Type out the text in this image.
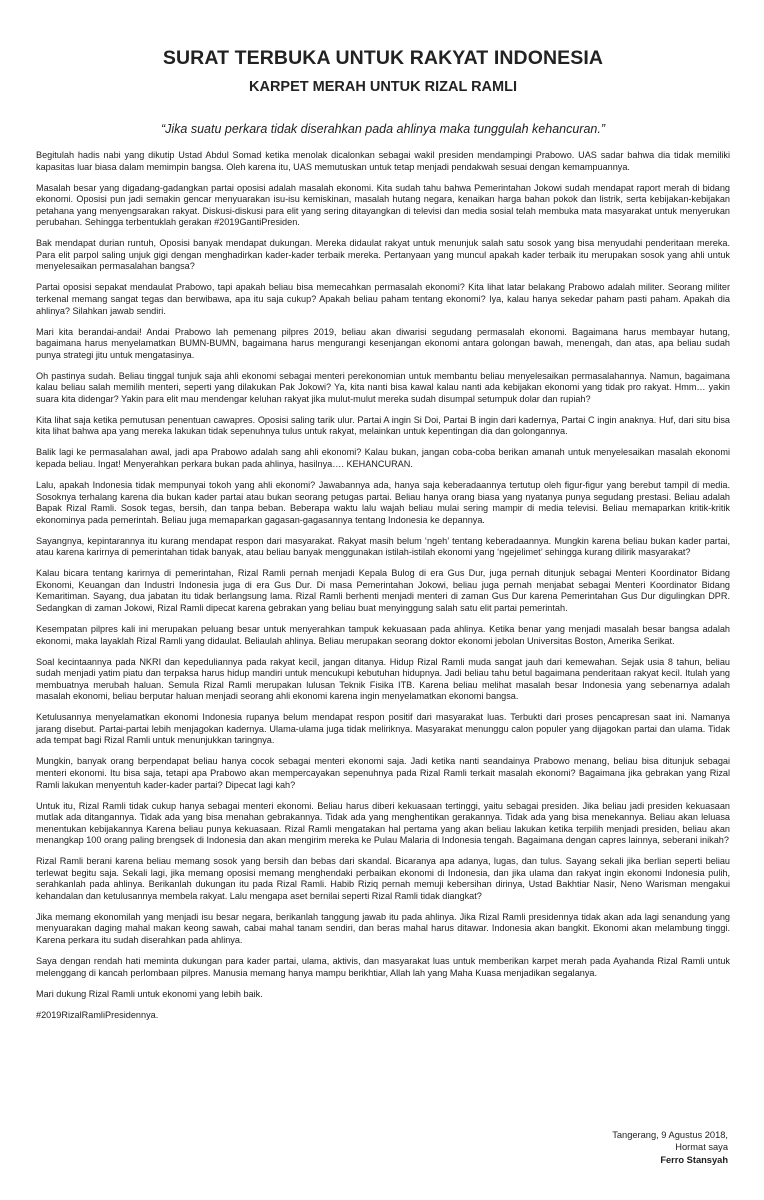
SURAT TERBUKA UNTUK RAKYAT INDONESIA
KARPET MERAH UNTUK RIZAL RAMLI

“Jika suatu perkara tidak diserahkan pada ahlinya maka tunggulah kehancuran.”

Begitulah hadis nabi yang dikutip Ustad Abdul Somad ketika menolak dicalonkan sebagai wakil presiden mendampingi Prabowo. UAS sadar bahwa dia tidak memiliki kapasitas luar biasa dalam memimpin bangsa. Oleh karena itu, UAS memutuskan untuk tetap menjadi pendakwah sesuai dengan kemampuannya.

Masalah besar yang digadang-gadangkan partai oposisi adalah masalah ekonomi. Kita sudah tahu bahwa Pemerintahan Jokowi sudah mendapat raport merah di bidang ekonomi. Oposisi pun jadi semakin gencar menyuarakan isu-isu kemiskinan, masalah hutang negara, kenaikan harga bahan pokok dan listrik, serta kebijakan-kebijakan petahana yang menyengsarakan rakyat. Diskusi-diskusi para elit yang sering ditayangkan di televisi dan media sosial telah membuka mata masyarakat untuk menyerukan perubahan. Sehingga terbentuklah gerakan #2019GantiPresiden.

Bak mendapat durian runtuh, Oposisi banyak mendapat dukungan. Mereka didaulat rakyat untuk menunjuk salah satu sosok yang bisa menyudahi penderitaan mereka. Para elit parpol saling unjuk gigi dengan menghadirkan kader-kader terbaik mereka. Pertanyaan yang muncul apakah kader terbaik itu merupakan sosok yang ahli untuk menyelesaikan permasalahan bangsa?

Partai oposisi sepakat mendaulat Prabowo, tapi apakah beliau bisa memecahkan permasalah ekonomi? Kita lihat latar belakang Prabowo adalah militer. Seorang militer terkenal memang sangat tegas dan berwibawa, apa itu saja cukup? Apakah beliau paham tentang ekonomi? Iya, kalau hanya sekedar paham pasti paham. Apakah dia ahlinya? Silahkan jawab sendiri.

Mari kita berandai-andai! Andai Prabowo lah pemenang pilpres 2019, beliau akan diwarisi segudang permasalah ekonomi. Bagaimana harus membayar hutang, bagaimana harus menyelamatkan BUMN-BUMN, bagaimana harus mengurangi kesenjangan ekonomi antara golongan bawah, menengah, dan atas, apa beliau sudah punya strategi jitu untuk mengatasinya.

Oh pastinya sudah. Beliau tinggal tunjuk saja ahli ekonomi sebagai menteri perekonomian untuk membantu beliau menyelesaikan permasalahannya. Namun, bagaimana kalau beliau salah memilih menteri, seperti yang dilakukan Pak Jokowi? Ya, kita nanti bisa kawal kalau nanti ada kebijakan ekonomi yang tidak pro rakyat. Hmm… yakin suara kita didengar? Yakin para elit mau mendengar keluhan rakyat jika mulut-mulut mereka sudah disumpal setumpuk dolar dan rupiah?

Kita lihat saja ketika pemutusan penentuan cawapres. Oposisi saling tarik ulur. Partai A ingin Si Doi, Partai B ingin dari kadernya, Partai C ingin anaknya. Huf, dari situ bisa kita lihat bahwa apa yang mereka lakukan tidak sepenuhnya tulus untuk rakyat, melainkan untuk kepentingan dia dan golongannya.

Balik lagi ke permasalahan awal, jadi apa Prabowo adalah sang ahli ekonomi? Kalau bukan, jangan coba-coba berikan amanah untuk menyelesaikan masalah ekonomi kepada beliau. Ingat! Menyerahkan perkara bukan pada ahlinya, hasilnya…. KEHANCURAN.

Lalu, apakah Indonesia tidak mempunyai tokoh yang ahli ekonomi? Jawabannya ada, hanya saja keberadaannya tertutup oleh figur-figur yang berebut tampil di media. Sosoknya terhalang karena dia bukan kader partai atau bukan seorang petugas partai. Beliau hanya orang biasa yang nyatanya punya segudang prestasi. Beliau adalah Bapak Rizal Ramli. Sosok tegas, bersih, dan tanpa beban. Beberapa waktu lalu wajah beliau mulai sering mampir di media televisi. Beliau memaparkan kritik-kritik ekonominya pada pemerintah. Beliau juga memaparkan gagasan-gagasannya tentang Indonesia ke depannya.

Sayangnya, kepintarannya itu kurang mendapat respon dari masyarakat. Rakyat masih belum ‘ngeh’ tentang keberadaannya. Mungkin karena beliau bukan kader partai, atau karena karirnya di pemerintahan tidak banyak, atau beliau banyak menggunakan istilah-istilah ekonomi yang ‘ngejelimet’ sehingga kurang dilirik masyarakat?

Kalau bicara tentang karirnya di pemerintahan, Rizal Ramli pernah menjadi Kepala Bulog di era Gus Dur, juga pernah ditunjuk sebagai Menteri Koordinator Bidang Ekonomi, Keuangan dan Industri Indonesia juga di era Gus Dur. Di masa Pemerintahan Jokowi, beliau juga pernah menjabat sebagai Menteri Koordinator Bidang Kemaritiman. Sayang, dua jabatan itu tidak berlangsung lama. Rizal Ramli berhenti menjadi menteri di zaman Gus Dur karena Pemerintahan Gus Dur digulingkan DPR. Sedangkan di zaman Jokowi, Rizal Ramli dipecat karena gebrakan yang beliau buat menyinggung salah satu elit partai pemerintah.

Kesempatan pilpres kali ini merupakan peluang besar untuk menyerahkan tampuk kekuasaan pada ahlinya. Ketika benar yang menjadi masalah besar bangsa adalah ekonomi, maka layaklah Rizal Ramli yang didaulat. Beliaulah ahlinya. Beliau merupakan seorang doktor ekonomi jebolan Universitas Boston, Amerika Serikat.

Soal kecintaannya pada NKRI dan kepeduliannya pada rakyat kecil, jangan ditanya. Hidup Rizal Ramli muda sangat jauh dari kemewahan. Sejak usia 8 tahun, beliau sudah menjadi yatim piatu dan terpaksa harus hidup mandiri untuk mencukupi kebutuhan hidupnya. Jadi beliau tahu betul bagaimana penderitaan rakyat kecil. Itulah yang membuatnya merubah haluan. Semula Rizal Ramli merupakan lulusan Teknik Fisika ITB. Karena beliau melihat masalah besar Indonesia yang sebenarnya adalah masalah ekonomi, beliau berputar haluan menjadi seorang ahli ekonomi karena ingin menyelamatkan ekonomi bangsa.

Ketulusannya menyelamatkan ekonomi Indonesia rupanya belum mendapat respon positif dari masyarakat luas. Terbukti dari proses pencapresan saat ini. Namanya jarang disebut. Partai-partai lebih menjagokan kadernya. Ulama-ulama juga tidak meliriknya. Masyarakat menunggu calon populer yang dijagokan partai dan ulama. Tidak ada tempat bagi Rizal Ramli untuk menunjukkan taringnya.

Mungkin, banyak orang berpendapat beliau hanya cocok sebagai menteri ekonomi saja. Jadi ketika nanti seandainya Prabowo menang, beliau bisa ditunjuk sebagai menteri ekonomi. Itu bisa saja, tetapi apa Prabowo akan mempercayakan sepenuhnya pada Rizal Ramli terkait masalah ekonomi? Bagaimana jika gebrakan yang Rizal Ramli lakukan menyentuh kader-kader partai? Dipecat lagi kah?

Untuk itu, Rizal Ramli tidak cukup hanya sebagai menteri ekonomi. Beliau harus diberi kekuasaan tertinggi, yaitu sebagai presiden. Jika beliau jadi presiden kekuasaan mutlak ada ditangannya. Tidak ada yang bisa menahan gebrakannya. Tidak ada yang menghentikan gerakannya. Tidak ada yang bisa menekannya. Beliau akan leluasa menentukan kebijakannya Karena beliau punya kekuasaan. Rizal Ramli mengatakan hal pertama yang akan beliau lakukan ketika terpilih menjadi presiden, beliau akan menangkap 100 orang paling brengsek di Indonesia dan akan mengirim mereka ke Pulau Malaria di Indonesia tengah. Bagaimana dengan capres lainnya, seberani inikah?

Rizal Ramli berani karena beliau memang sosok yang bersih dan bebas dari skandal. Bicaranya apa adanya, lugas, dan tulus. Sayang sekali jika berlian seperti beliau terlewat begitu saja. Sekali lagi, jika memang oposisi memang menghendaki perbaikan ekonomi di Indonesia, dan jika ulama dan rakyat ingin ekonomi Indonesia pulih, serahkanlah pada ahlinya. Berikanlah dukungan itu pada Rizal Ramli. Habib Riziq pernah memuji kebersihan dirinya, Ustad Bakhtiar Nasir, Neno Warisman mengakui kehandalan dan ketulusannya membela rakyat. Lalu mengapa aset bernilai seperti Rizal Ramli tidak diangkat?

Jika memang ekonomilah yang menjadi isu besar negara, berikanlah tanggung jawab itu pada ahlinya. Jika Rizal Ramli presidennya tidak akan ada lagi senandung yang menyuarakan daging mahal makan keong sawah, cabai mahal tanam sendiri, dan beras mahal harus ditawar. Indonesia akan bangkit. Ekonomi akan melambung tinggi. Karena perkara itu sudah diserahkan pada ahlinya.

Saya dengan rendah hati meminta dukungan para kader partai, ulama, aktivis, dan masyarakat luas untuk memberikan karpet merah pada Ayahanda Rizal Ramli untuk melenggang di kancah perlombaan pilpres. Manusia memang hanya mampu berikhtiar, Allah lah yang Maha Kuasa menjadikan segalanya.

Mari dukung Rizal Ramli untuk ekonomi yang lebih baik.

#2019RizalRamliPresidennya.

Tangerang, 9 Agustus 2018,
Hormat saya
Ferro Stansyah
